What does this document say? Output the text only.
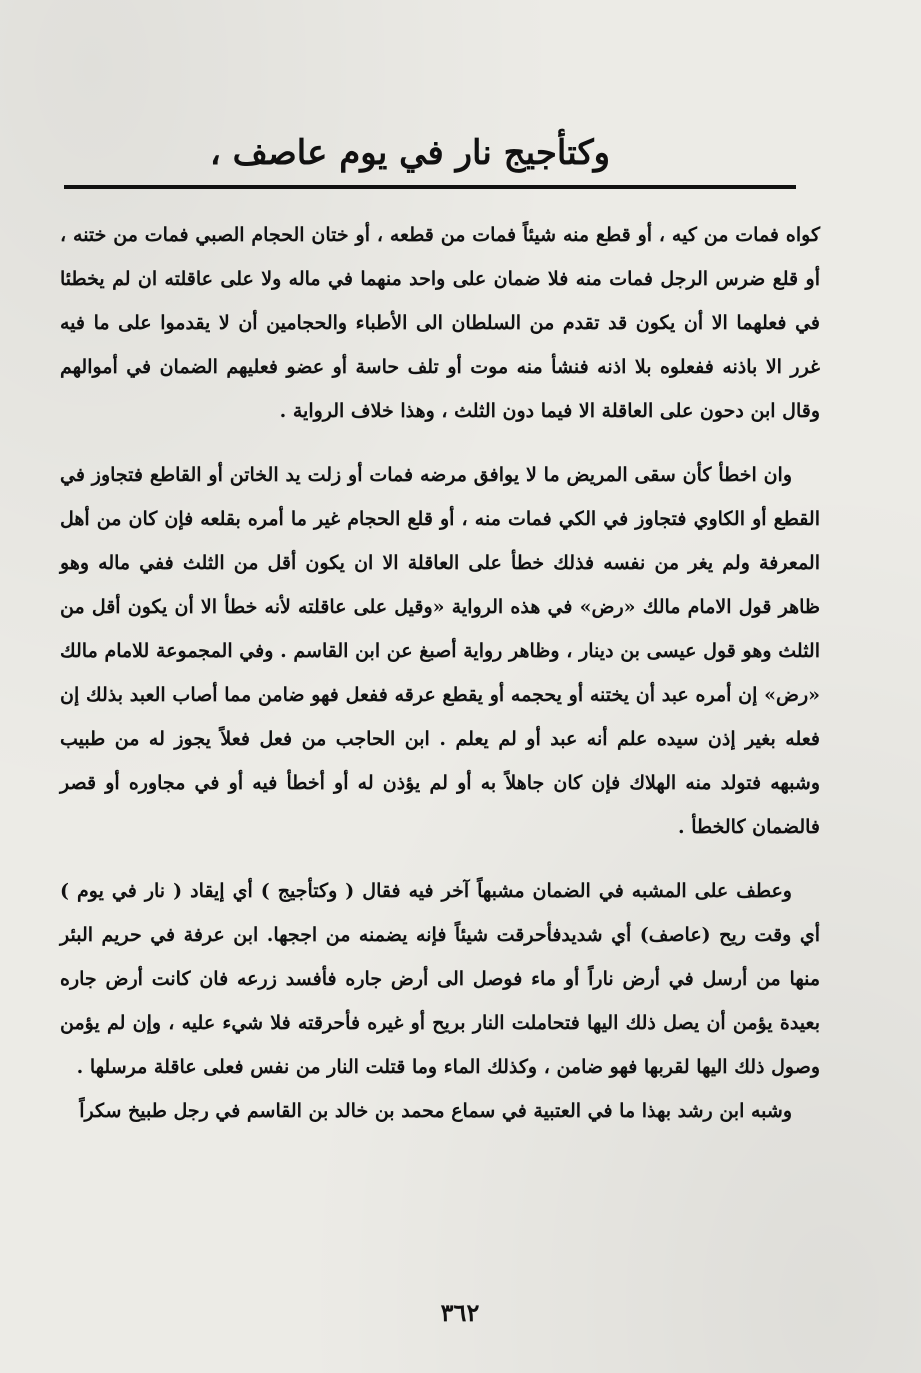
وكتأجيج نار في يوم عاصف ،

كواه فمات من كيه ، أو قطع منه شيئاً فمات من قطعه ، أو ختان الحجام الصبي فمات من ختنه ، أو قلع ضرس الرجل فمات منه فلا ضمان على واحد منهما في ماله ولا على عاقلته ان لم يخطئا في فعلهما الا أن يكون قد تقدم من السلطان الى الأطباء والحجامين أن لا يقدموا على ما فيه غرر الا باذنه ففعلوه بلا اذنه فنشأ منه موت أو تلف حاسة أو عضو فعليهم الضمان في أموالهم وقال ابن دحون على العاقلة الا فيما دون الثلث ، وهذا خلاف الرواية .

وان اخطأ كأن سقى المريض ما لا يوافق مرضه فمات أو زلت يد الخاتن أو القاطع فتجاوز في القطع أو الكاوي فتجاوز في الكي فمات منه ، أو قلع الحجام غير ما أمره بقلعه فإن كان من أهل المعرفة ولم يغر من نفسه فذلك خطأ على العاقلة الا ان يكون أقل من الثلث ففي ماله وهو ظاهر قول الامام مالك «رض» في هذه الرواية «وقيل على عاقلته لأنه خطأ الا أن يكون أقل من الثلث وهو قول عيسى بن دينار ، وظاهر رواية أصبغ عن ابن القاسم . وفي المجموعة للامام مالك «رض» إن أمره عبد أن يختنه أو يحجمه أو يقطع عرقه ففعل فهو ضامن مما أصاب العبد بذلك إن فعله بغير إذن سيده علم أنه عبد أو لم يعلم . ابن الحاجب من فعل فعلاً يجوز له من طبيب وشبهه فتولد منه الهلاك فإن كان جاهلاً به أو لم يؤذن له أو أخطأ فيه أو في مجاوره أو قصر فالضمان كالخطأ .

وعطف على المشبه في الضمان مشبهاً آخر فيه فقال ( وكتأجيج ) أي إيقاد ( نار في يوم ) أي وقت ريح (عاصف) أي شديدفأحرقت شيئاً فإنه يضمنه من اججها. ابن عرفة في حريم البئر منها من أرسل في أرض ناراً أو ماء فوصل الى أرض جاره فأفسد زرعه فان كانت أرض جاره بعيدة يؤمن أن يصل ذلك اليها فتحاملت النار بريح أو غيره فأحرقته فلا شيء عليه ، وإن لم يؤمن وصول ذلك اليها لقربها فهو ضامن ، وكذلك الماء وما قتلت النار من نفس فعلى عاقلة مرسلها .

وشبه ابن رشد بهذا ما في العتبية في سماع محمد بن خالد بن القاسم في رجل طبيخ سكراً

٣٦٢
